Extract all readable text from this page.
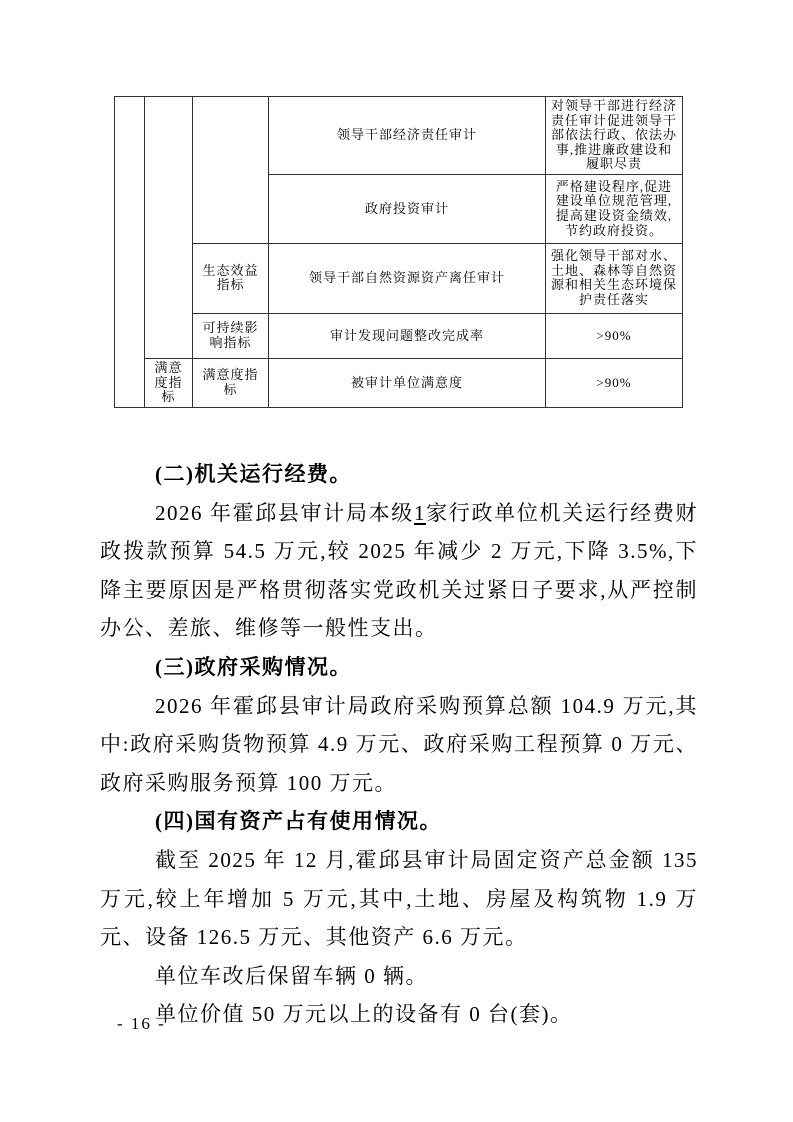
			领导干部经济责任审计	对领导干部进行经济责任审计促进领导干部依法行政、依法办事,推进廉政建设和履职尽责
			政府投资审计	严格建设程序,促进建设单位规范管理,提高建设资金绩效,节约政府投资。
		生态效益指标	领导干部自然资源资产离任审计	强化领导干部对水、土地、森林等自然资源和相关生态环境保护责任落实
		可持续影响指标	审计发现问题整改完成率	>90%
	满意度指标	满意度指标	被审计单位满意度	>90%
(二)机关运行经费。

2026 年霍邱县审计局本级1家行政单位机关运行经费财政拨款预算 54.5 万元,较 2025 年减少 2 万元,下降 3.5%,下降主要原因是严格贯彻落实党政机关过紧日子要求,从严控制办公、差旅、维修等一般性支出。

(三)政府采购情况。

2026 年霍邱县审计局政府采购预算总额 104.9 万元,其中:政府采购货物预算 4.9 万元、政府采购工程预算 0 万元、政府采购服务预算 100 万元。

(四)国有资产占有使用情况。

截至 2025 年 12 月,霍邱县审计局固定资产总金额 135 万元,较上年增加 5 万元,其中,土地、房屋及构筑物 1.9 万元、设备 126.5 万元、其他资产 6.6 万元。

单位车改后保留车辆 0 辆。

单位价值 50 万元以上的设备有 0 台(套)。

- 16 -
